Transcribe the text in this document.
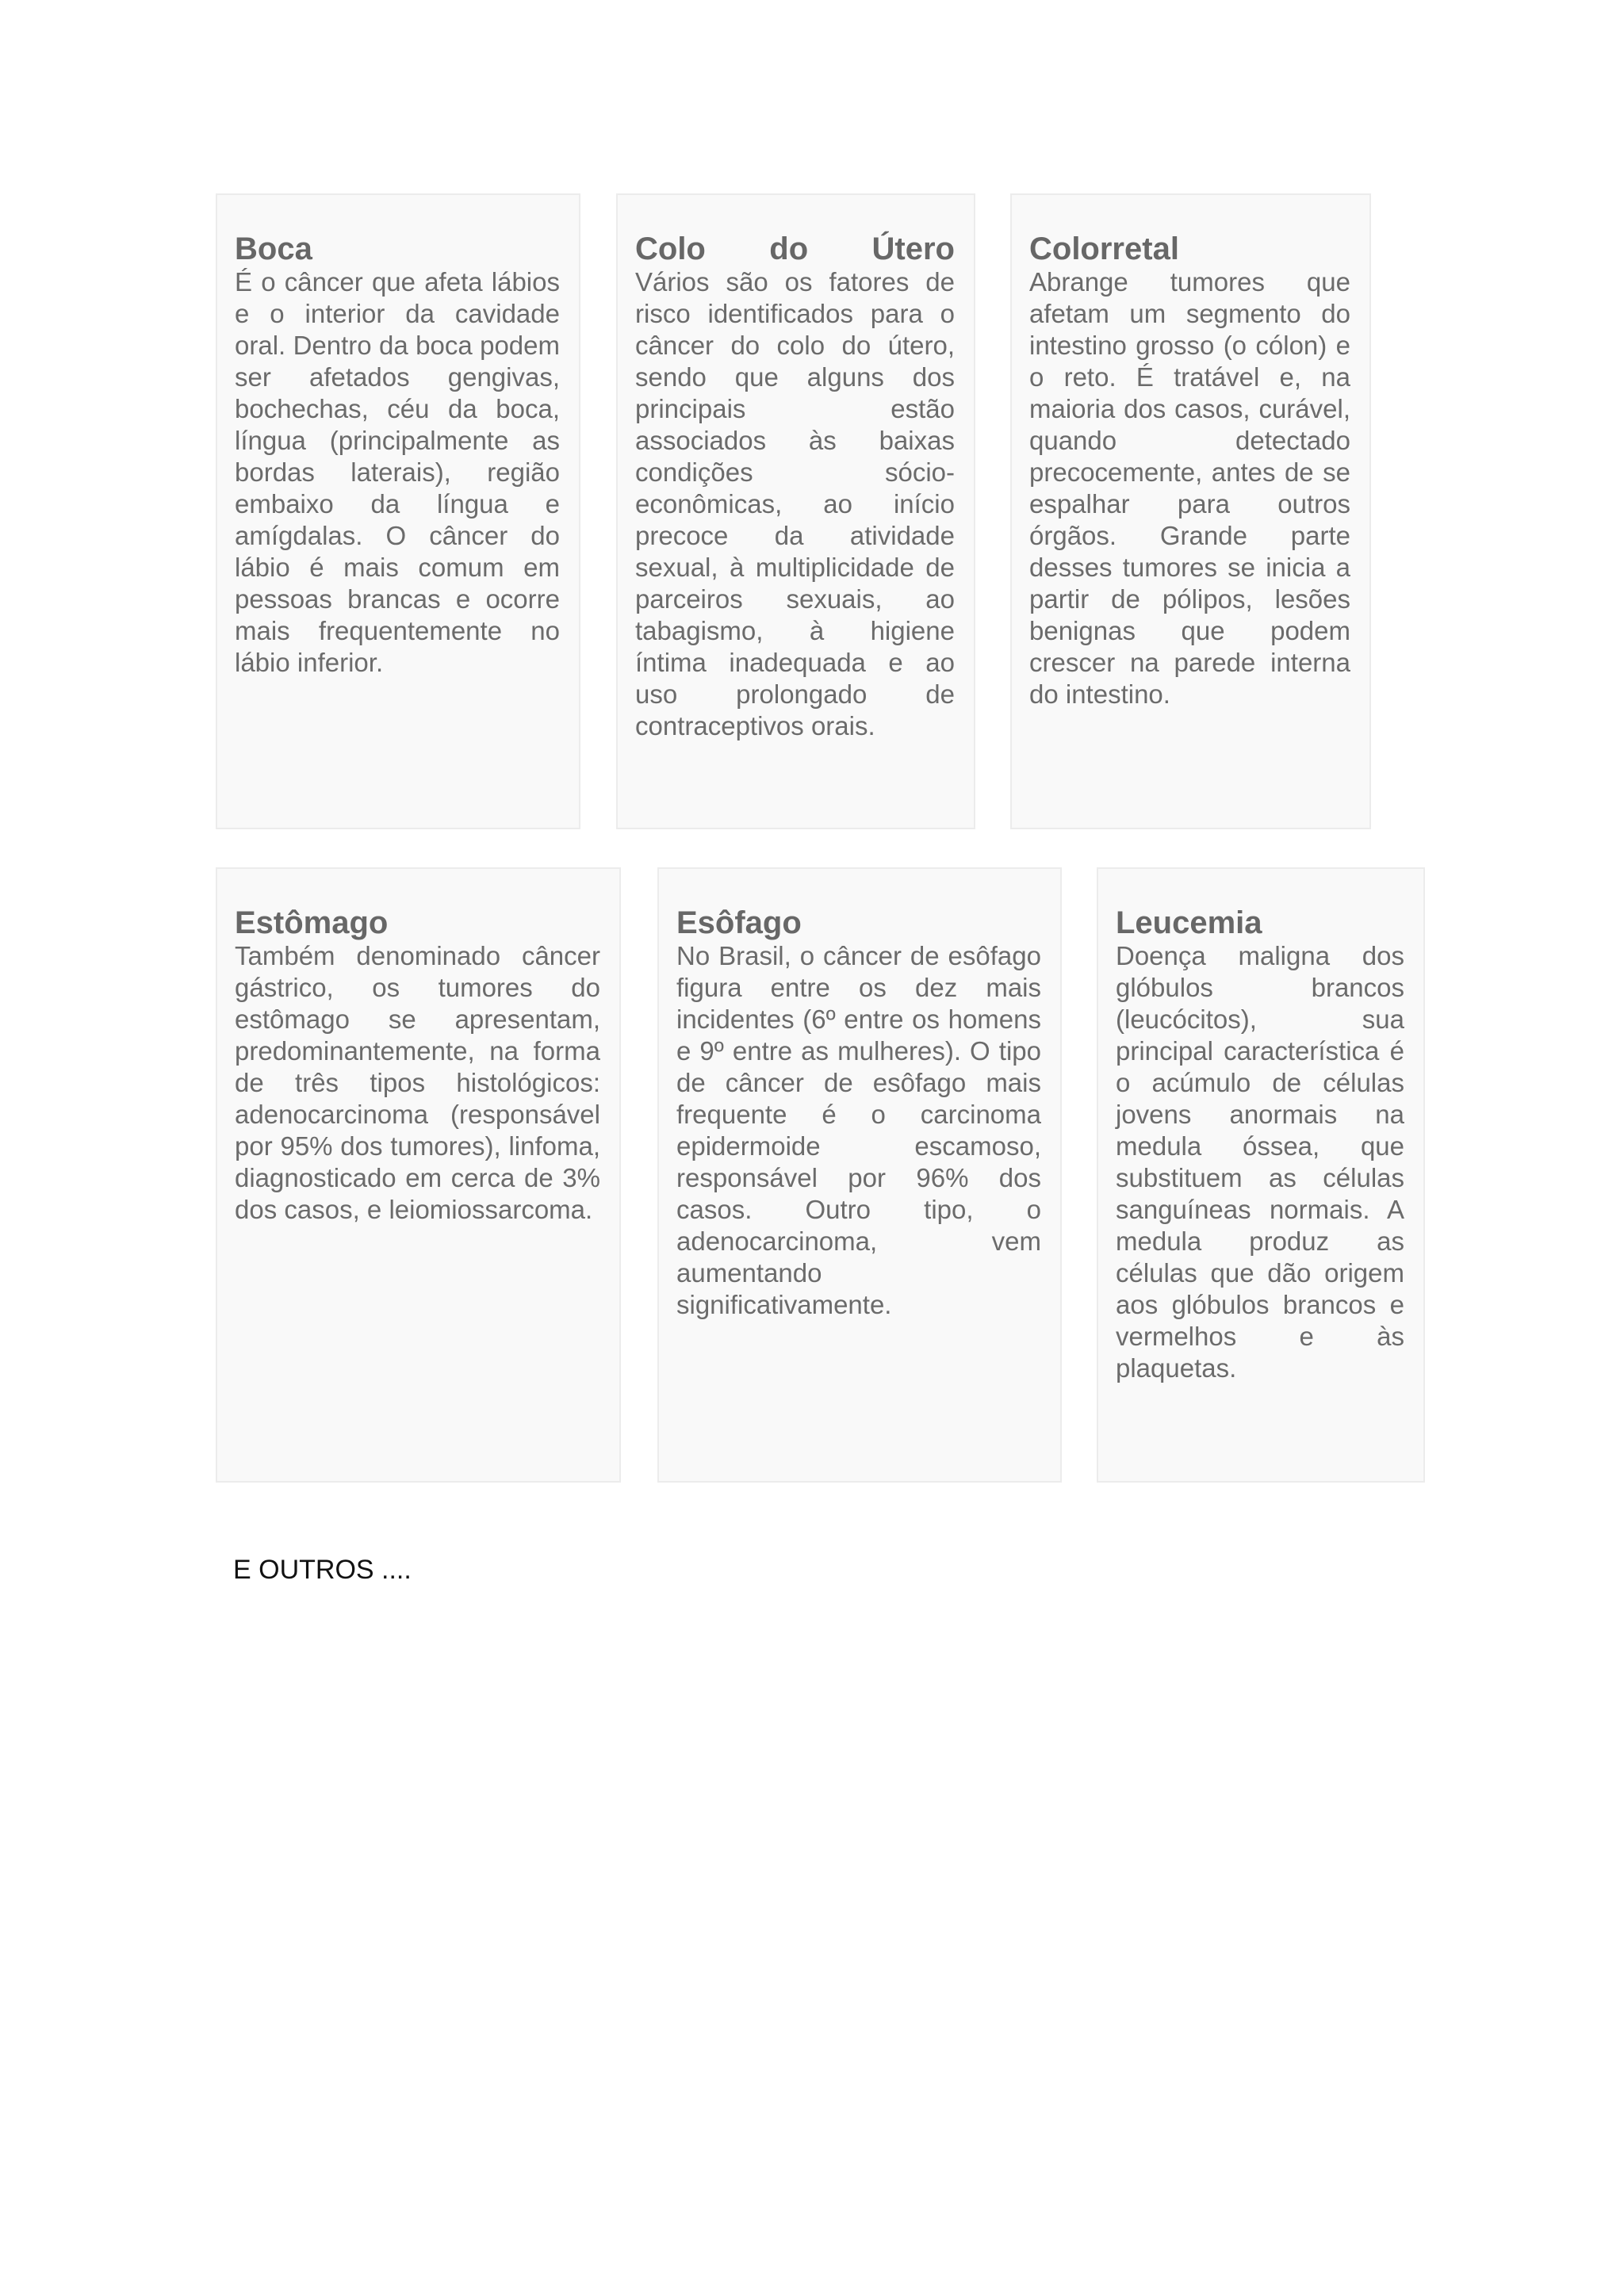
Boca

É o câncer que afeta lábios e o interior da cavidade oral. Dentro da boca podem ser afetados gengivas, bochechas, céu da boca, língua (principalmente as bordas laterais), região embaixo da língua e amígdalas. O câncer do lábio é mais comum em pessoas brancas e ocorre mais frequentemente no lábio inferior.

Colo do Útero

Vários são os fatores de risco identificados para o câncer do colo do útero, sendo que alguns dos principais estão associados às baixas condições sócio-econômicas, ao início precoce da atividade sexual, à multiplicidade de parceiros sexuais, ao tabagismo, à higiene íntima inadequada e ao uso prolongado de contraceptivos orais.

Colorretal

Abrange tumores que afetam um segmento do intestino grosso (o cólon) e o reto. É tratável e, na maioria dos casos, curável, quando detectado precocemente, antes de se espalhar para outros órgãos. Grande parte desses tumores se inicia a partir de pólipos, lesões benignas que podem crescer na parede interna do intestino.

Estômago

Também denominado câncer gástrico, os tumores do estômago se apresentam, predominantemente, na forma de três tipos histológicos: adenocarcinoma (responsável por 95% dos tumores), linfoma, diagnosticado em cerca de 3% dos casos, e leiomiossarcoma.

Esôfago

No Brasil, o câncer de esôfago figura entre os dez mais incidentes (6º entre os homens e 9º entre as mulheres). O tipo de câncer de esôfago mais frequente é o carcinoma epidermoide escamoso, responsável por 96% dos casos. Outro tipo, o adenocarcinoma, vem aumentando significativamente.

Leucemia

Doença maligna dos glóbulos brancos (leucócitos), sua principal característica é o acúmulo de células jovens anormais na medula óssea, que substituem as células sanguíneas normais. A medula produz as células que dão origem aos glóbulos brancos e vermelhos e às plaquetas.

E OUTROS ....
